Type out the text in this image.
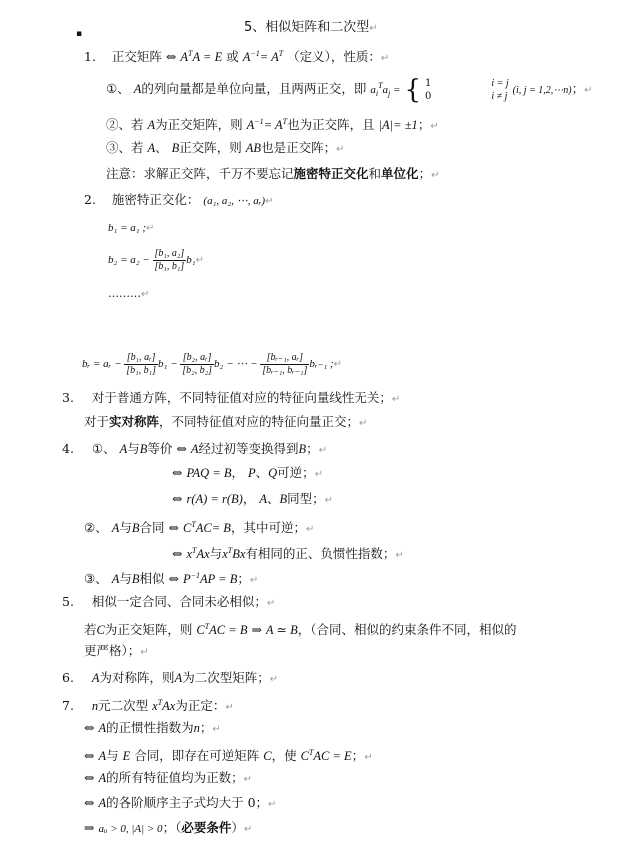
▪	5、相似矩阵和二次型↵
1. 正交矩阵 ⇔ $A^TA = E$ 或 $A^{-1}= A^T$ （定义），性质：↵
①、 A的列向量都是单位向量，且两两正交，即 $a_i^Ta_j$ = { 1
0

i = j
i ≠ j (i, j = 1,2,⋯n)；↵
②、若 A为正交矩阵，则 $A^{-1}= A^T$也为正交阵，且 |A|= ±1；↵
③、若 A、 B正交阵，则 AB也是正交阵；↵
注意：求解正交阵，千万不要忘记施密特正交化和单位化；↵
2. 施密特正交化： (a₁, a₂, ⋯, aᵣ)↵
b₁ = a₁ ;↵
$b_2 = a_2 - \frac{\text{[b₁, a₂]}}{\text{[b₁, b₁]}}$ b₁↵
………↵
bᵣ = aᵣ − $\frac{\text{[b₁, aᵣ]}}{\text{[b₁, b₁]}} b_1 - \frac{\text{[b₂, aᵣ]}}{\text{[b₂, b₂]}} b_2$ − ⋯ − $\frac{\text{[bᵣ₋₁, aᵣ]}}{\text{[bᵣ₋₁, bᵣ₋₁]}}$ bᵣ₋₁ ;↵
3. 对于普通方阵，不同特征值对应的特征向量线性无关；↵
对于实对称阵，不同特征值对应的特征向量正交；↵
4. ①、 A与B等价 ⇔ A经过初等变换得到B；↵
⇔ PAQ = B， P、Q可逆；↵
⇔ r(A) = r(B)， A、B同型；↵
②、 A与B合同 ⇔ $C^TAC= B$，其中可逆；↵
⇔ $x^TAx$与$x^TBx$有相同的正、负惯性指数；↵
③、 A与B相似 ⇔ $P^{-1}AP = B$；↵
5. 相似一定合同、合同未必相似；↵
若C为正交矩阵，则 $C^TAC = B$ ⇒ A ≃ B，（合同、相似的约束条件不同，相似的
更严格）；↵
6. A为对称阵，则A为二次型矩阵；↵
7. n元二次型 $x^TAx$为正定：↵
⇔ A的正惯性指数为n；↵
⇔ A与 E 合同，即存在可逆矩阵 C，使 $C^TAC = E$；↵
⇔ A的所有特征值均为正数；↵
⇔ A的各阶顺序主子式均大于 0；↵
⇒ aᵢᵢ > 0, |A| > 0；（必要条件）↵
